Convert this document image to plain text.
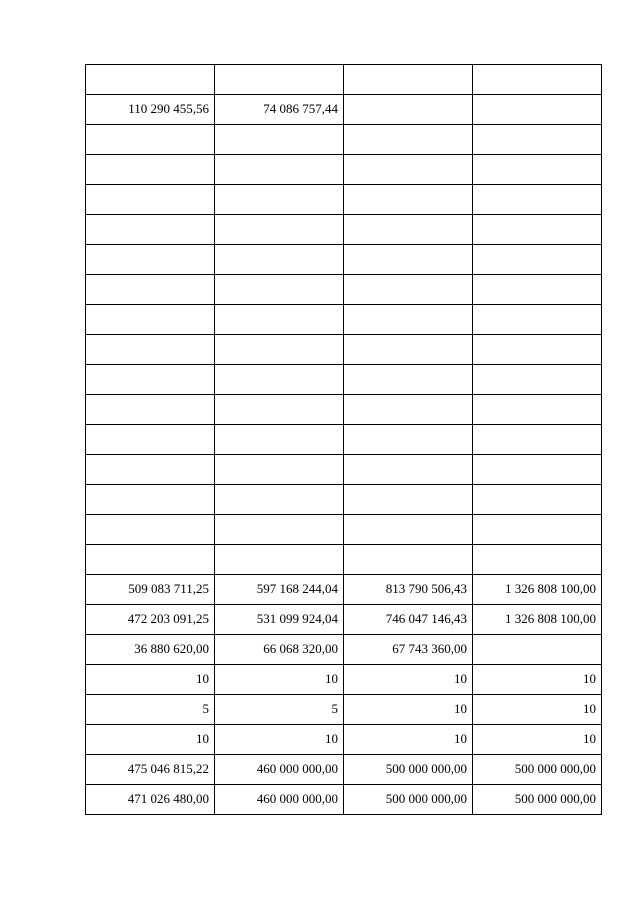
110 290 455,56	74 086 757,44		

509 083 711,25	597 168 244,04	813 790 506,43	1 326 808 100,00
472 203 091,25	531 099 924,04	746 047 146,43	1 326 808 100,00
36 880 620,00	66 068 320,00	67 743 360,00	
10	10	10	10
5	5	10	10
10	10	10	10
475 046 815,22	460 000 000,00	500 000 000,00	500 000 000,00
471 026 480,00	460 000 000,00	500 000 000,00	500 000 000,00
